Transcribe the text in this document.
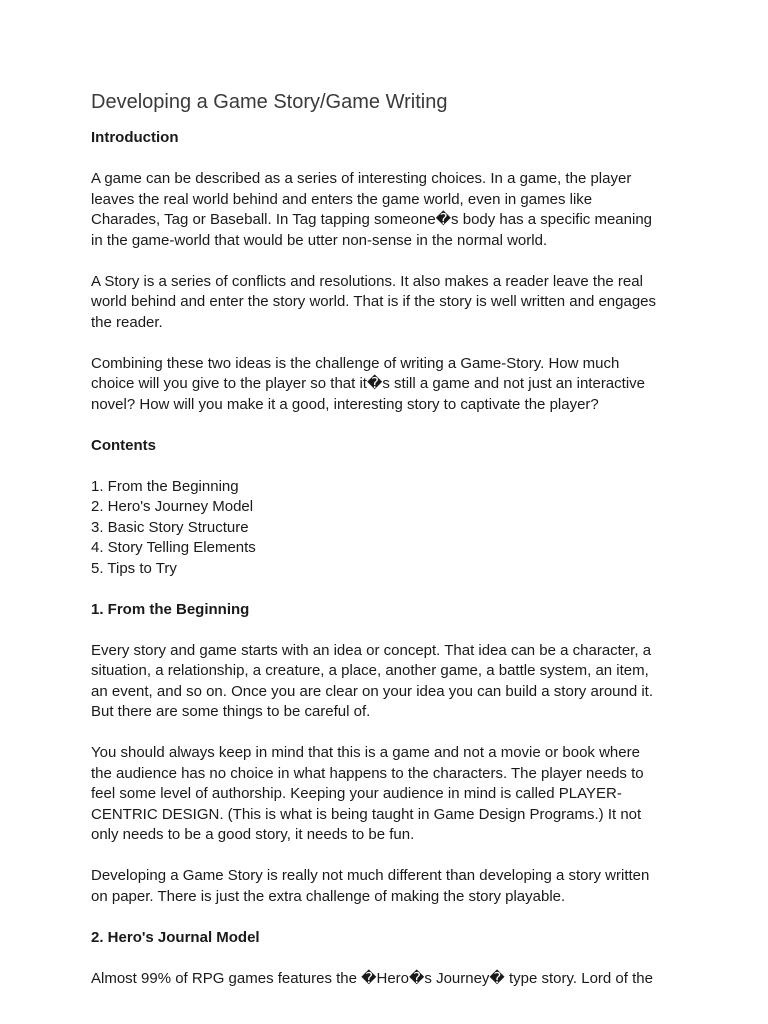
Developing a Game Story/Game Writing
Introduction

A game can be described as a series of interesting choices. In a game, the player
leaves the real world behind and enters the game world, even in games like
Charades, Tag or Baseball. In Tag tapping someone�s body has a specific meaning
in the game-world that would be utter non-sense in the normal world.

A Story is a series of conflicts and resolutions. It also makes a reader leave the real
world behind and enter the story world. That is if the story is well written and engages
the reader.

Combining these two ideas is the challenge of writing a Game-Story. How much
choice will you give to the player so that it�s still a game and not just an interactive
novel? How will you make it a good, interesting story to captivate the player?

Contents
1. From the Beginning
2. Hero's Journey Model
3. Basic Story Structure
4. Story Telling Elements
5. Tips to Try
1. From the Beginning

Every story and game starts with an idea or concept. That idea can be a character, a
situation, a relationship, a creature, a place, another game, a battle system, an item,
an event, and so on. Once you are clear on your idea you can build a story around it.
But there are some things to be careful of.

You should always keep in mind that this is a game and not a movie or book where
the audience has no choice in what happens to the characters. The player needs to
feel some level of authorship. Keeping your audience in mind is called PLAYER-
CENTRIC DESIGN. (This is what is being taught in Game Design Programs.) It not
only needs to be a good story, it needs to be fun.

Developing a Game Story is really not much different than developing a story written
on paper. There is just the extra challenge of making the story playable.

2. Hero's Journal Model

Almost 99% of RPG games features the �Hero�s Journey� type story. Lord of the
